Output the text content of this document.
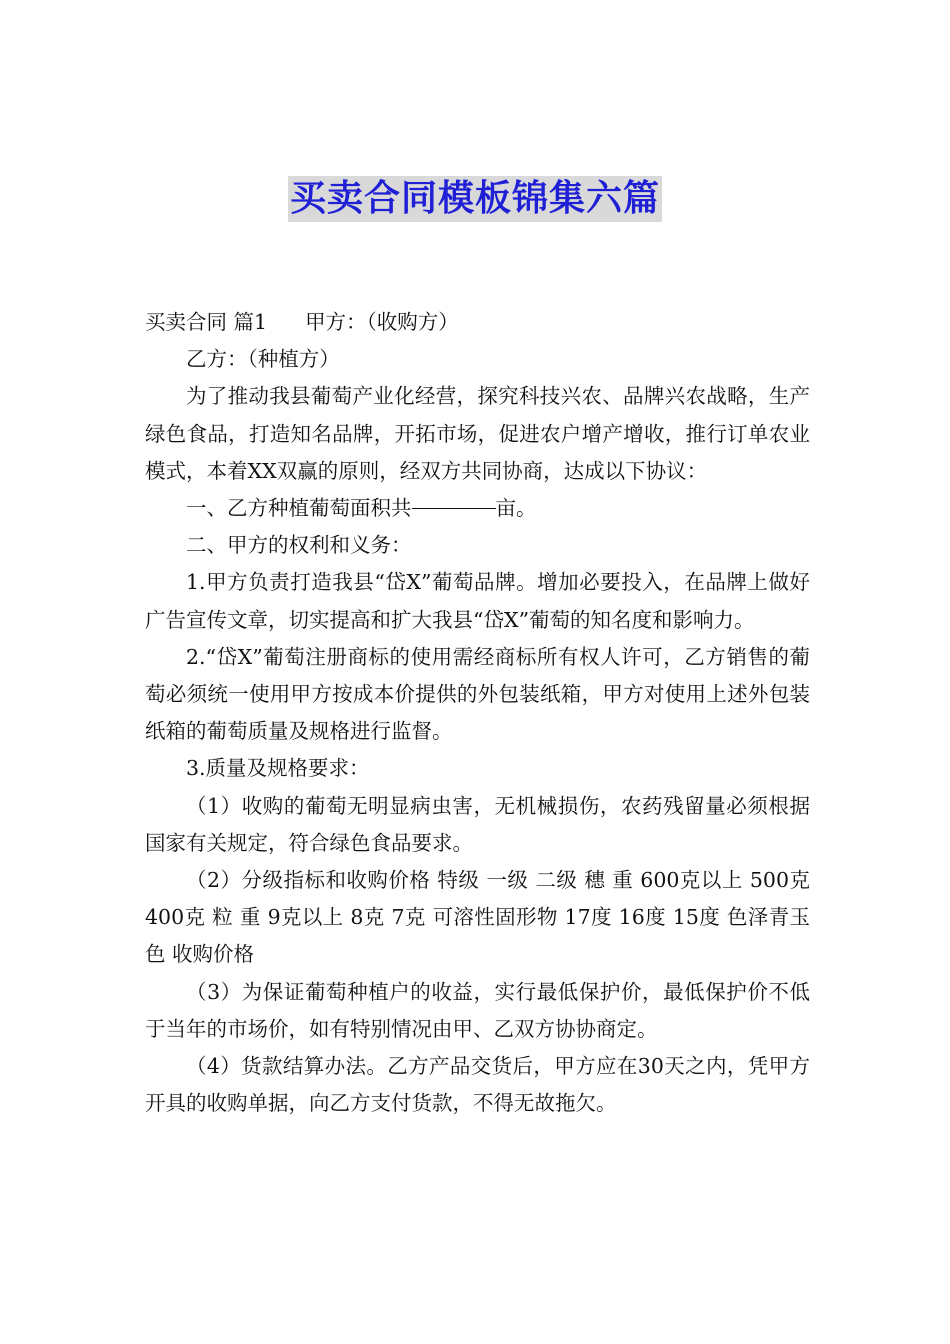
买卖合同模板锦集六篇

买卖合同 篇1 甲方：（收购方）

乙方：（种植方）

为了推动我县葡萄产业化经营，探究科技兴农、品牌兴农战略，生产绿色食品，打造知名品牌，开拓市场，促进农户增产增收，推行订单农业模式，本着XX双赢的原则，经双方共同协商，达成以下协议：

一、乙方种植葡萄面积共	亩。

二、甲方的权利和义务：

1.甲方负责打造我县“岱X”葡萄品牌。增加必要投入，在品牌上做好广告宣传文章，切实提高和扩大我县“岱X”葡萄的知名度和影响力。

2.“岱X”葡萄注册商标的使用需经商标所有权人许可，乙方销售的葡萄必须统一使用甲方按成本价提供的外包装纸箱，甲方对使用上述外包装纸箱的葡萄质量及规格进行监督。

3.质量及规格要求：

（1）收购的葡萄无明显病虫害，无机械损伤，农药残留量必须根据国家有关规定，符合绿色食品要求。

（2）分级指标和收购价格 特级 一级 二级 穗 重 600克以上 500克 400克 粒 重 9克以上 8克 7克 可溶性固形物 17度 16度 15度 色泽青玉色 收购价格

（3）为保证葡萄种植户的收益，实行最低保护价，最低保护价不低于当年的市场价，如有特别情况由甲、乙双方协协商定。

（4）货款结算办法。乙方产品交货后，甲方应在30天之内，凭甲方开具的收购单据，向乙方支付货款，不得无故拖欠。
